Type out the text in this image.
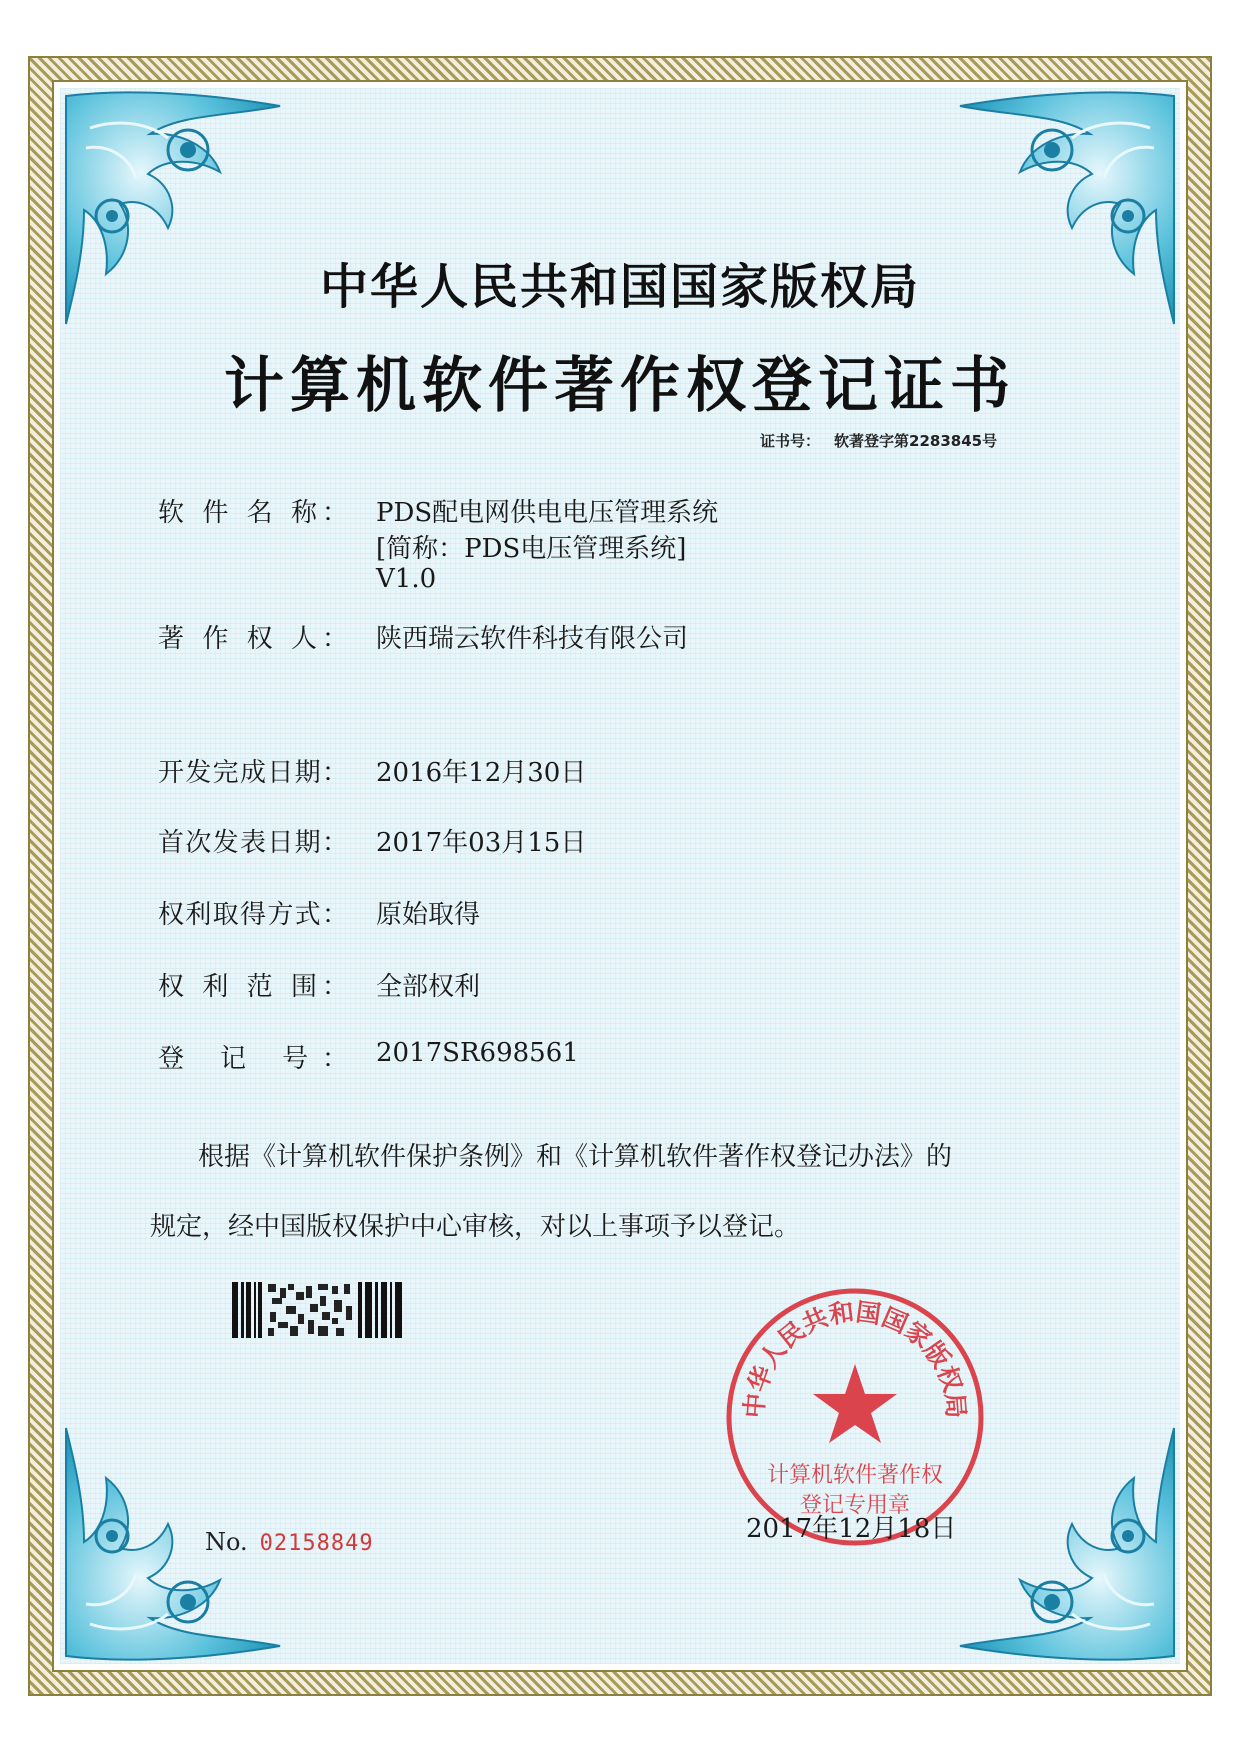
中华人民共和国国家版权局
计算机软件著作权登记证书
证书号： 软著登字第2283845号
软 件 名 称： PDS配电网供电电压管理系统
[简称：PDS电压管理系统]
V1.0
著 作 权 人： 陕西瑞云软件科技有限公司
开发完成日期： 2016年12月30日
首次发表日期： 2017年03月15日
权利取得方式： 原始取得
权 利 范 围： 全部权利
登 记 号： 2017SR698561
根据《计算机软件保护条例》和《计算机软件著作权登记办法》的
规定，经中国版权保护中心审核，对以上事项予以登记。
No. 02158849
中华人民共和国国家版权局
计算机软件著作权
登记专用章
2017年12月18日
